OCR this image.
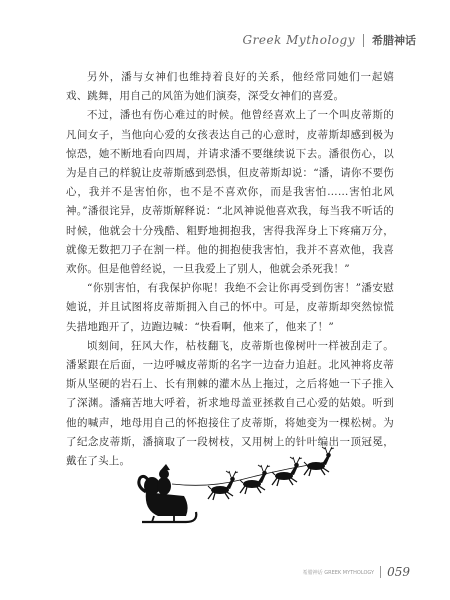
Greek Mythology 希腊神话

另外，潘与女神们也维持着良好的关系，他经常同她们一起嬉戏、跳舞，用自己的风笛为她们演奏，深受女神们的喜爱。

不过，潘也有伤心难过的时候。他曾经喜欢上了一个叫皮蒂斯的凡间女子，当他向心爱的女孩表达自己的心意时，皮蒂斯却感到极为惊恐，她不断地看向四周，并请求潘不要继续说下去。潘很伤心，以为是自己的样貌让皮蒂斯感到恐惧，但皮蒂斯却说：“潘，请你不要伤心，我并不是害怕你，也不是不喜欢你，而是我害怕……害怕北风神。”潘很诧异，皮蒂斯解释说：“北风神说他喜欢我，每当我不听话的时候，他就会十分残酷、粗野地拥抱我，害得我浑身上下疼痛万分，就像无数把刀子在割一样。他的拥抱使我害怕，我并不喜欢他，我喜欢你。但是他曾经说，一旦我爱上了别人，他就会杀死我！”

“你别害怕，有我保护你呢！我绝不会让你再受到伤害！”潘安慰她说，并且试图将皮蒂斯拥入自己的怀中。可是，皮蒂斯却突然惊慌失措地跑开了，边跑边喊：“快看啊，他来了，他来了！”

顷刻间，狂风大作，枯枝翻飞，皮蒂斯也像树叶一样被刮走了。潘紧跟在后面，一边呼喊皮蒂斯的名字一边奋力追赶。北风神将皮蒂斯从坚硬的岩石上、长有荆棘的灌木丛上拖过，之后将她一下子推入了深渊。潘痛苦地大呼着，祈求地母盖亚拯救自己心爱的姑娘。听到他的喊声，地母用自己的怀抱接住了皮蒂斯，将她变为一棵松树。为了纪念皮蒂斯，潘摘取了一段树枝，又用树上的针叶编出一顶冠冕，戴在了头上。

希腊神话 GREEK MYTHOLOGY 059
